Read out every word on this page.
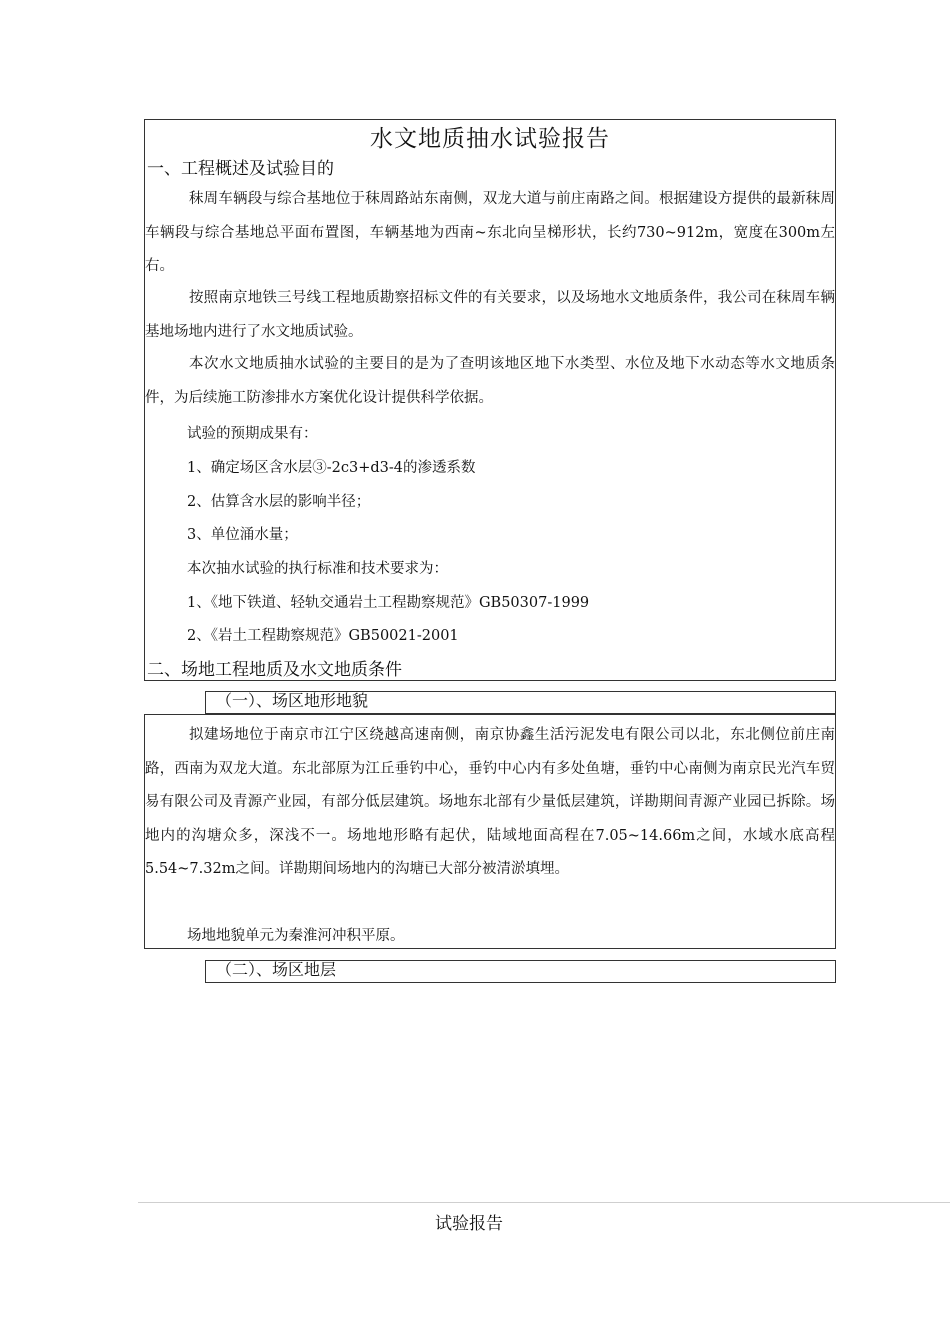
水文地质抽水试验报告
一、工程概述及试验目的

秣周车辆段与综合基地位于秣周路站东南侧，双龙大道与前庄南路之间。根据建设方提供的最新秣周车辆段与综合基地总平面布置图，车辆基地为西南~东北向呈梯形状，长约730~912m，宽度在300m左右。

按照南京地铁三号线工程地质勘察招标文件的有关要求，以及场地水文地质条件，我公司在秣周车辆基地场地内进行了水文地质试验。

本次水文地质抽水试验的主要目的是为了查明该地区地下水类型、水位及地下水动态等水文地质条件，为后续施工防渗排水方案优化设计提供科学依据。

试验的预期成果有：

1、确定场区含水层③-2c3+d3-4的渗透系数

2、估算含水层的影响半径；

3、单位涌水量；

本次抽水试验的执行标准和技术要求为：

1、《地下铁道、轻轨交通岩土工程勘察规范》GB50307-1999

2、《岩土工程勘察规范》GB50021-2001

二、场地工程地质及水文地质条件
（一）、场区地形地貌

拟建场地位于南京市江宁区绕越高速南侧，南京协鑫生活污泥发电有限公司以北，东北侧位前庄南路，西南为双龙大道。东北部原为江丘垂钓中心，垂钓中心内有多处鱼塘，垂钓中心南侧为南京民光汽车贸易有限公司及青源产业园，有部分低层建筑。场地东北部有少量低层建筑，详勘期间青源产业园已拆除。场地内的沟塘众多，深浅不一。场地地形略有起伏，陆域地面高程在7.05~14.66m之间，水域水底高程5.54~7.32m之间。详勘期间场地内的沟塘已大部分被清淤填埋。

场地地貌单元为秦淮河冲积平原。

（二）、场区地层
试验报告
